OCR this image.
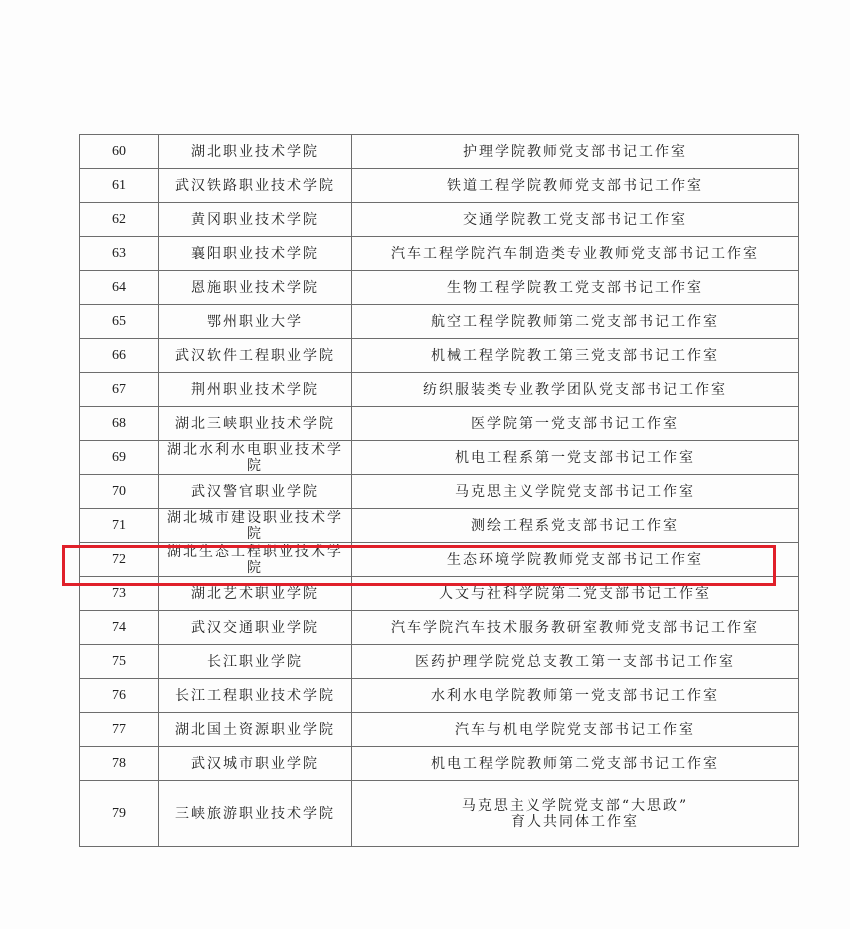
60	湖北职业技术学院	护理学院教师党支部书记工作室

61	武汉铁路职业技术学院	铁道工程学院教师党支部书记工作室

62	黄冈职业技术学院	交通学院教工党支部书记工作室

63	襄阳职业技术学院	汽车工程学院汽车制造类专业教师党支部书记工作室

64	恩施职业技术学院	生物工程学院教工党支部书记工作室

65	鄂州职业大学	航空工程学院教师第二党支部书记工作室

66	武汉软件工程职业学院	机械工程学院教工第三党支部书记工作室

67	荆州职业技术学院	纺织服装类专业教学团队党支部书记工作室

68	湖北三峡职业技术学院	医学院第一党支部书记工作室

69	湖北水利水电职业技术学
院	机电工程系第一党支部书记工作室

70	武汉警官职业学院	马克思主义学院党支部书记工作室

71	湖北城市建设职业技术学
院	测绘工程系党支部书记工作室

72	湖北生态工程职业技术学
院	生态环境学院教师党支部书记工作室

73	湖北艺术职业学院	人文与社科学院第二党支部书记工作室

74	武汉交通职业学院	汽车学院汽车技术服务教研室教师党支部书记工作室

75	长江职业学院	医药护理学院党总支教工第一支部书记工作室

76	长江工程职业技术学院	水利水电学院教师第一党支部书记工作室

77	湖北国土资源职业学院	汽车与机电学院党支部书记工作室

78	武汉城市职业学院	机电工程学院教师第二党支部书记工作室

79	三峡旅游职业技术学院	马克思主义学院党支部“大思政”
育人共同体工作室
